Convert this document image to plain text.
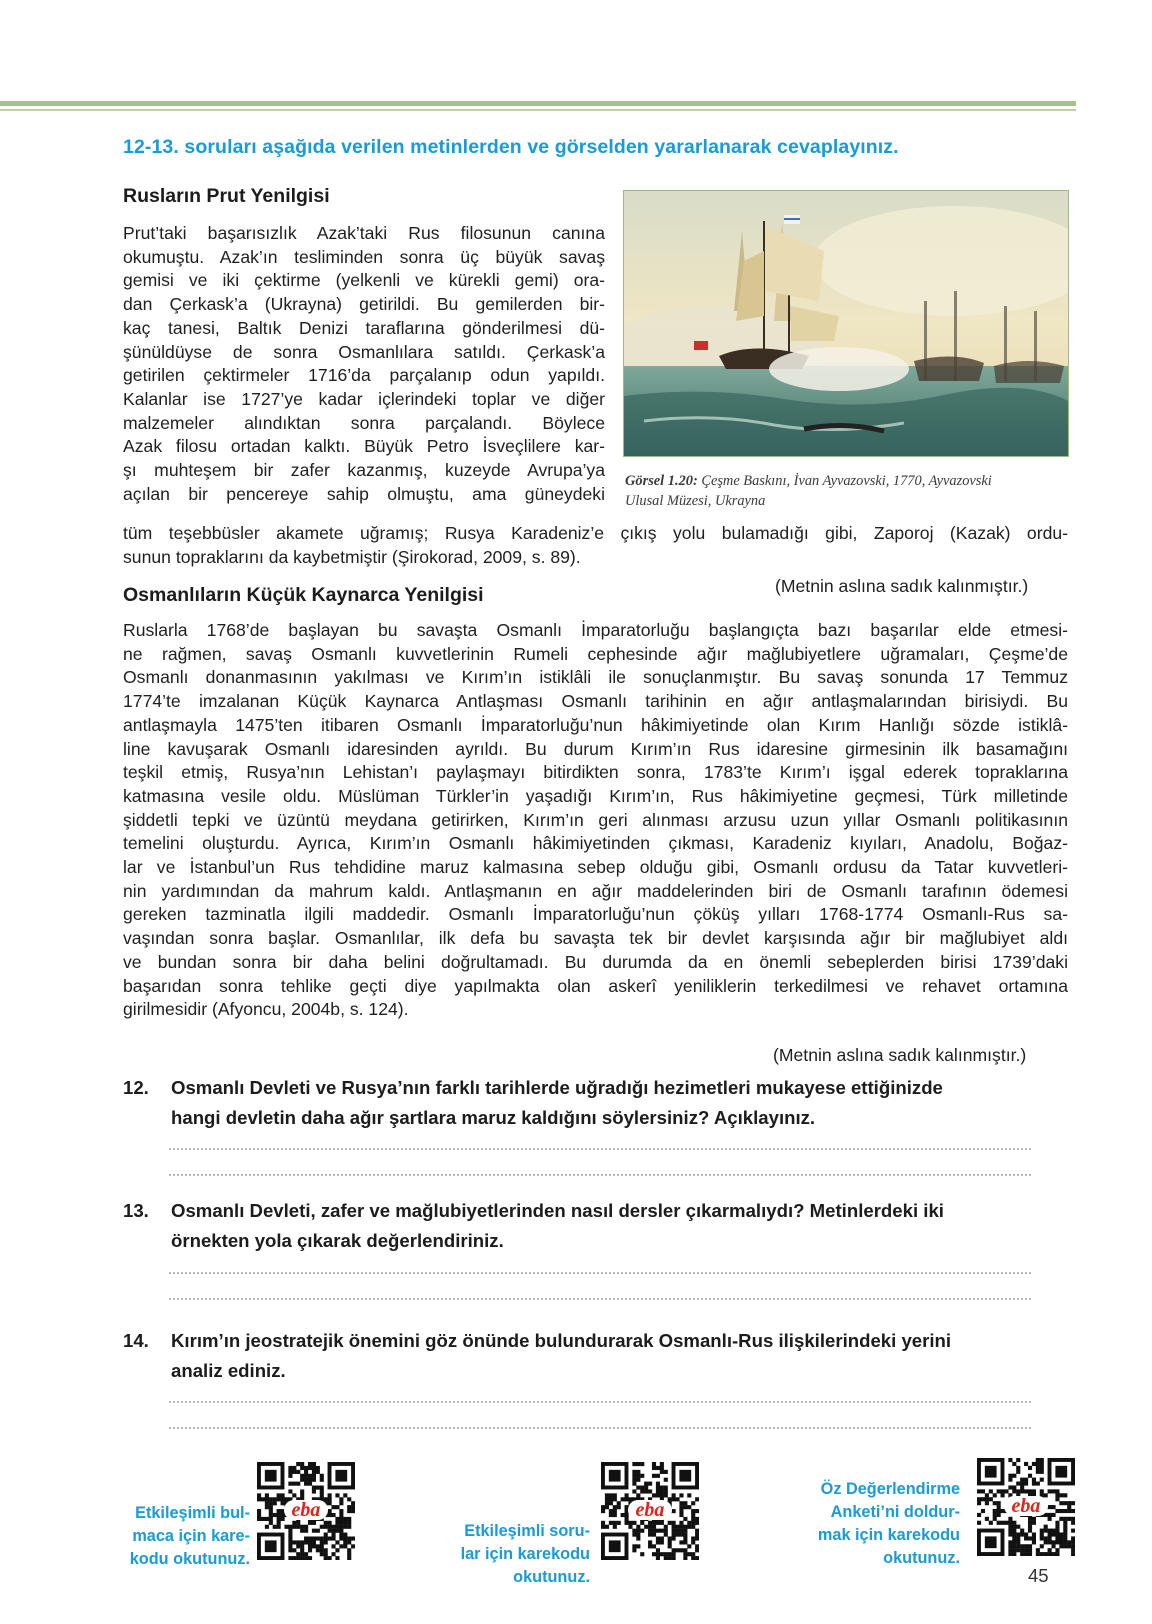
12-13. soruları aşağıda verilen metinlerden ve görselden yararlanarak cevaplayınız.
Rusların Prut Yenilgisi
Prut’taki başarısızlık Azak’taki Rus filosunun canına
okumuştu. Azak’ın tesliminden sonra üç büyük savaş
gemisi ve iki çektirme (yelkenli ve kürekli gemi) ora-
dan Çerkask’a (Ukrayna) getirildi. Bu gemilerden bir-
kaç tanesi, Baltık Denizi taraflarına gönderilmesi dü-
şünüldüyse de sonra Osmanlılara satıldı. Çerkask’a
getirilen çektirmeler 1716’da parçalanıp odun yapıldı.
Kalanlar ise 1727’ye kadar içlerindeki toplar ve diğer
malzemeler alındıktan sonra parçalandı. Böylece
Azak filosu ortadan kalktı. Büyük Petro İsveçlilere kar-
şı muhteşem bir zafer kazanmış, kuzeyde Avrupa’ya
açılan bir pencereye sahip olmuştu, ama güneydeki
tüm teşebbüsler akamete uğramış; Rusya Karadeniz’e çıkış yolu bulamadığı gibi, Zaporoj (Kazak) ordu-
sunun topraklarını da kaybetmiştir (Şirokorad, 2009, s. 89).
Görsel 1.20: Çeşme Baskını, İvan Ayvazovski, 1770, Ayvazovski
Ulusal Müzesi, Ukrayna
(Metnin aslına sadık kalınmıştır.)
Osmanlıların Küçük Kaynarca Yenilgisi
Ruslarla 1768’de başlayan bu savaşta Osmanlı İmparatorluğu başlangıçta bazı başarılar elde etmesi-
ne rağmen, savaş Osmanlı kuvvetlerinin Rumeli cephesinde ağır mağlubiyetlere uğramaları, Çeşme’de
Osmanlı donanmasının yakılması ve Kırım’ın istiklâli ile sonuçlanmıştır. Bu savaş sonunda 17 Temmuz
1774’te imzalanan Küçük Kaynarca Antlaşması Osmanlı tarihinin en ağır antlaşmalarından birisiydi. Bu
antlaşmayla 1475’ten itibaren Osmanlı İmparatorluğu’nun hâkimiyetinde olan Kırım Hanlığı sözde istiklâ-
line kavuşarak Osmanlı idaresinden ayrıldı. Bu durum Kırım’ın Rus idaresine girmesinin ilk basamağını
teşkil etmiş, Rusya’nın Lehistan’ı paylaşmayı bitirdikten sonra, 1783’te Kırım’ı işgal ederek topraklarına
katmasına vesile oldu. Müslüman Türkler’in yaşadığı Kırım’ın, Rus hâkimiyetine geçmesi, Türk milletinde
şiddetli tepki ve üzüntü meydana getirirken, Kırım’ın geri alınması arzusu uzun yıllar Osmanlı politikasının
temelini oluşturdu. Ayrıca, Kırım’ın Osmanlı hâkimiyetinden çıkması, Karadeniz kıyıları, Anadolu, Boğaz-
lar ve İstanbul’un Rus tehdidine maruz kalmasına sebep olduğu gibi, Osmanlı ordusu da Tatar kuvvetleri-
nin yardımından da mahrum kaldı. Antlaşmanın en ağır maddelerinden biri de Osmanlı tarafının ödemesi
gereken tazminatla ilgili maddedir. Osmanlı İmparatorluğu’nun çöküş yılları 1768-1774 Osmanlı-Rus sa-
vaşından sonra başlar. Osmanlılar, ilk defa bu savaşta tek bir devlet karşısında ağır bir mağlubiyet aldı
ve bundan sonra bir daha belini doğrultamadı. Bu durumda da en önemli sebeplerden birisi 1739’daki
başarıdan sonra tehlike geçti diye yapılmakta olan askerî yeniliklerin terkedilmesi ve rehavet ortamına
girilmesidir (Afyoncu, 2004b, s. 124).
(Metnin aslına sadık kalınmıştır.)
12. Osmanlı Devleti ve Rusya’nın farklı tarihlerde uğradığı hezimetleri mukayese ettiğinizde
hangi devletin daha ağır şartlara maruz kaldığını söylersiniz? Açıklayınız.
13. Osmanlı Devleti, zafer ve mağlubiyetlerinden nasıl dersler çıkarmalıydı? Metinlerdeki iki
örnekten yola çıkarak değerlendiriniz.
14. Kırım’ın jeostratejik önemini göz önünde bulundurarak Osmanlı-Rus ilişkilerindeki yerini
analiz ediniz.
Etkileşimli bul-
maca için kare-
kodu okutunuz.
eba
Etkileşimli soru-
lar için karekodu
okutunuz.
eba
Öz Değerlendirme
Anketi’ni doldur-
mak için karekodu
okutunuz.
eba
45
